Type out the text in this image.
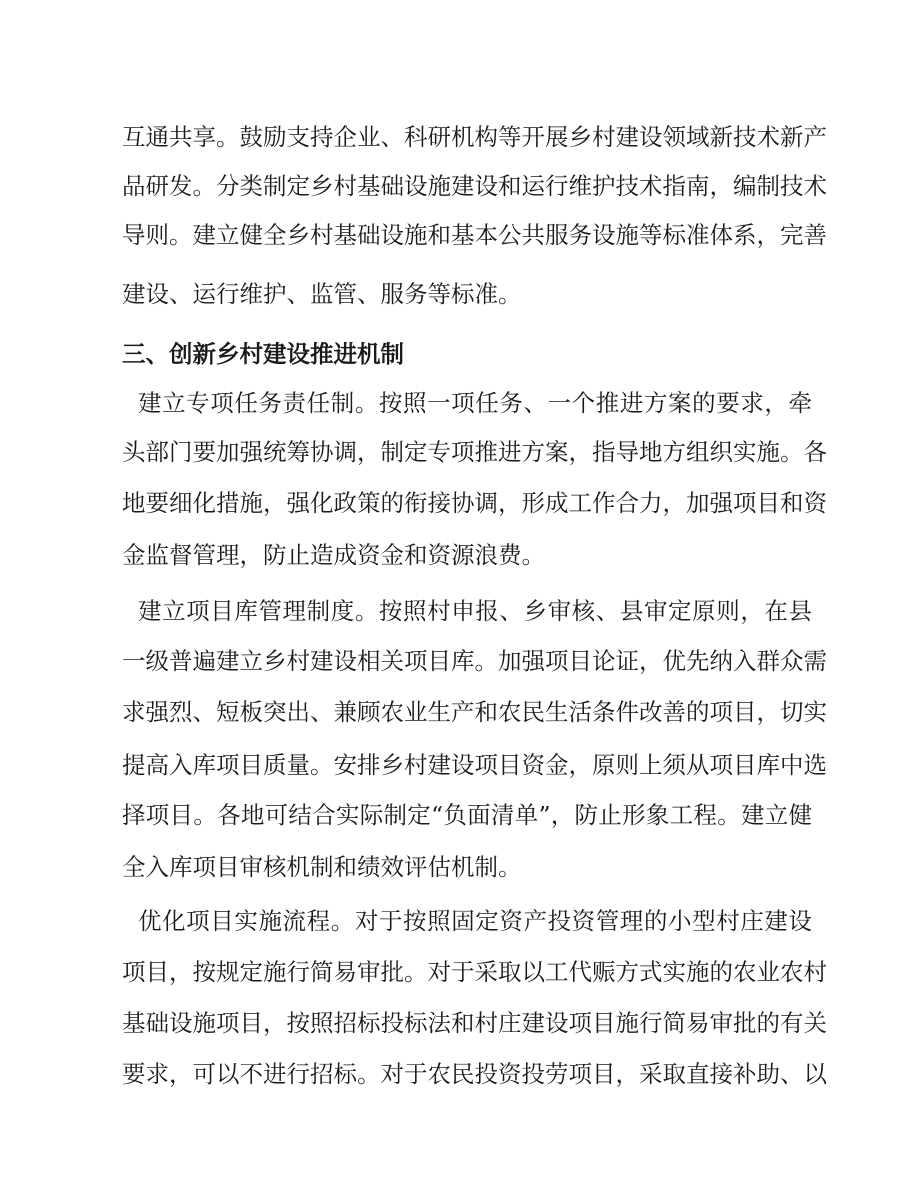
互通共享。鼓励支持企业、科研机构等开展乡村建设领域新技术新产
品研发。分类制定乡村基础设施建设和运行维护技术指南，编制技术
导则。建立健全乡村基础设施和基本公共服务设施等标准体系，完善
建设、运行维护、监管、服务等标准。
三、创新乡村建设推进机制
建立专项任务责任制。按照一项任务、一个推进方案的要求，牵
头部门要加强统筹协调，制定专项推进方案，指导地方组织实施。各
地要细化措施，强化政策的衔接协调，形成工作合力，加强项目和资
金监督管理，防止造成资金和资源浪费。
建立项目库管理制度。按照村申报、乡审核、县审定原则，在县
一级普遍建立乡村建设相关项目库。加强项目论证，优先纳入群众需
求强烈、短板突出、兼顾农业生产和农民生活条件改善的项目，切实
提高入库项目质量。安排乡村建设项目资金，原则上须从项目库中选
择项目。各地可结合实际制定“负面清单”，防止形象工程。建立健
全入库项目审核机制和绩效评估机制。
优化项目实施流程。对于按照固定资产投资管理的小型村庄建设
项目，按规定施行简易审批。对于采取以工代赈方式实施的农业农村
基础设施项目，按照招标投标法和村庄建设项目施行简易审批的有关
要求，可以不进行招标。对于农民投资投劳项目，采取直接补助、以
